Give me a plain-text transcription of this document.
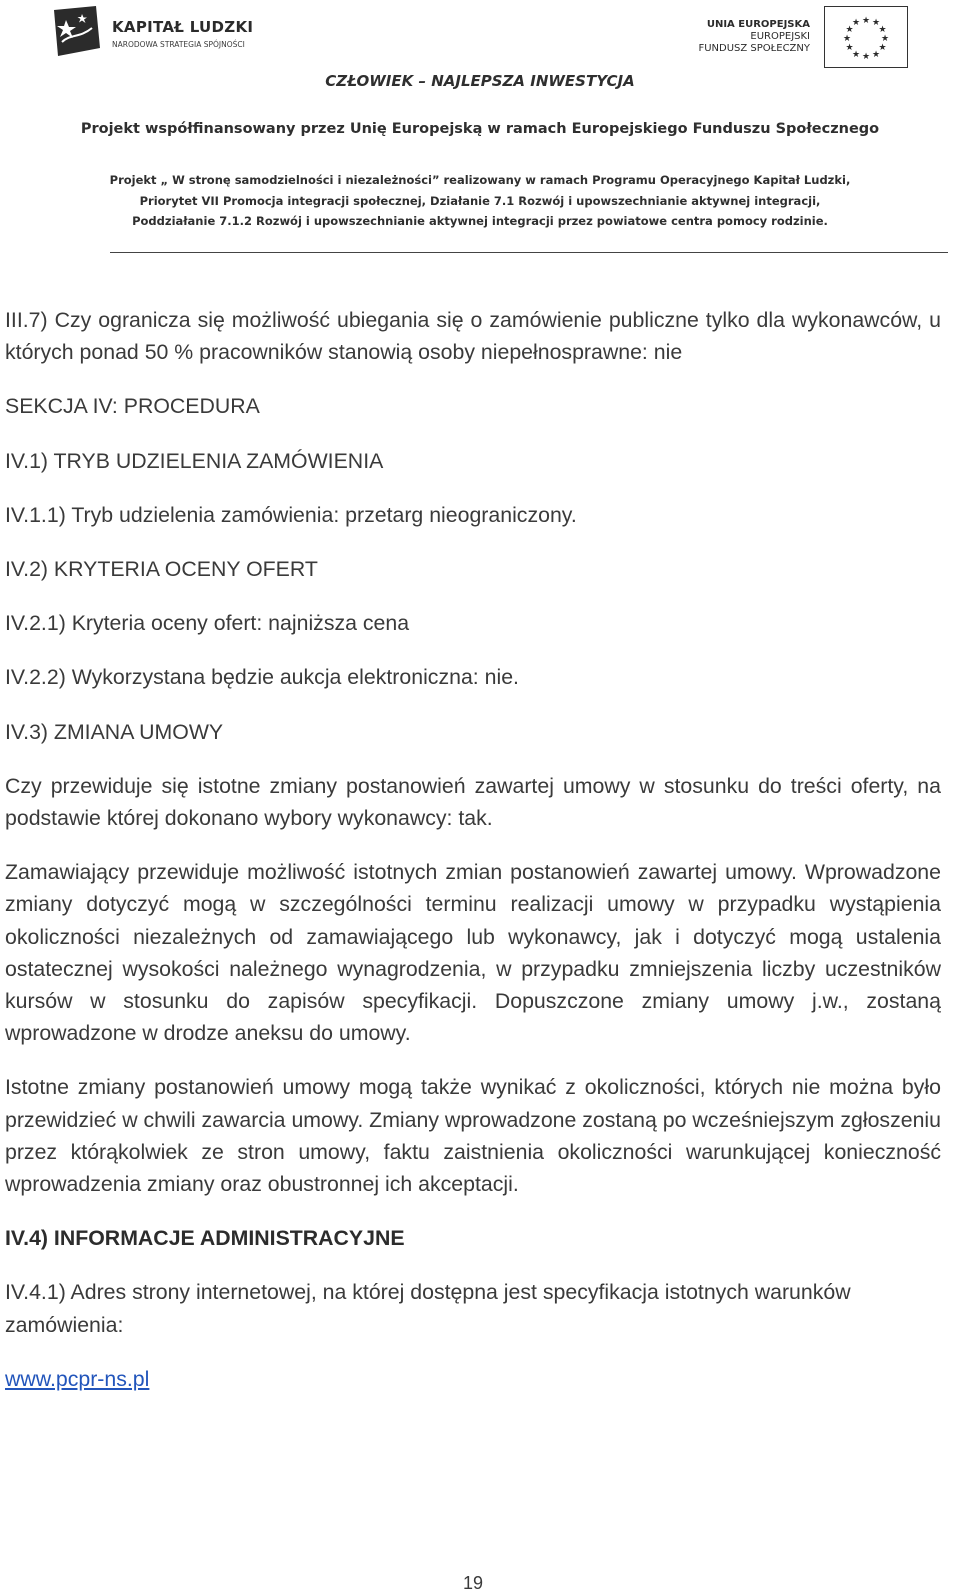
KAPITAŁ LUDZKI
NARODOWA STRATEGIA SPÓJNOŚCI
UNIA EUROPEJSKA
EUROPEJSKI
FUNDUSZ SPOŁECZNY
★ ★
★
★
★
★
★
★
★
★
★
★
CZŁOWIEK – NAJLEPSZA INWESTYCJA
Projekt współfinansowany przez Unię Europejską w ramach Europejskiego Funduszu Społecznego
Projekt „ W stronę samodzielności i niezależności” realizowany w ramach Programu Operacyjnego Kapitał Ludzki,
Priorytet VII Promocja integracji społecznej, Działanie 7.1 Rozwój i upowszechnianie aktywnej integracji,
Poddziałanie 7.1.2 Rozwój i upowszechnianie aktywnej integracji przez powiatowe centra pomocy rodzinie.

III.7) Czy ogranicza się możliwość ubiegania się o zamówienie publiczne tylko dla wykonawców, u których ponad 50 % pracowników stanowią osoby niepełnosprawne: nie

SEKCJA IV: PROCEDURA

IV.1) TRYB UDZIELENIA ZAMÓWIENIA

IV.1.1) Tryb udzielenia zamówienia: przetarg nieograniczony.

IV.2) KRYTERIA OCENY OFERT

IV.2.1) Kryteria oceny ofert: najniższa cena

IV.2.2) Wykorzystana będzie aukcja elektroniczna: nie.

IV.3) ZMIANA UMOWY

Czy przewiduje się istotne zmiany postanowień zawartej umowy w stosunku do treści oferty, na podstawie której dokonano wybory wykonawcy: tak.

Zamawiający przewiduje możliwość istotnych zmian postanowień zawartej umowy. Wprowadzone zmiany dotyczyć mogą w szczególności terminu realizacji umowy w przypadku wystąpienia okoliczności niezależnych od zamawiającego lub wykonawcy, jak i dotyczyć mogą ustalenia ostatecznej wysokości należnego wynagrodzenia, w przypadku zmniejszenia liczby uczestników kursów w stosunku do zapisów specyfikacji. Dopuszczone zmiany umowy j.w., zostaną wprowadzone w drodze aneksu do umowy.

Istotne zmiany postanowień umowy mogą także wynikać z okoliczności, których nie można było przewidzieć w chwili zawarcia umowy. Zmiany wprowadzone zostaną po wcześniejszym zgłoszeniu przez którąkolwiek ze stron umowy, faktu zaistnienia okoliczności warunkującej konieczność wprowadzenia zmiany oraz obustronnej ich akceptacji.

IV.4) INFORMACJE ADMINISTRACYJNE

IV.4.1) Adres strony internetowej, na której dostępna jest specyfikacja istotnych warunków zamówienia:

www.pcpr-ns.pl

19
